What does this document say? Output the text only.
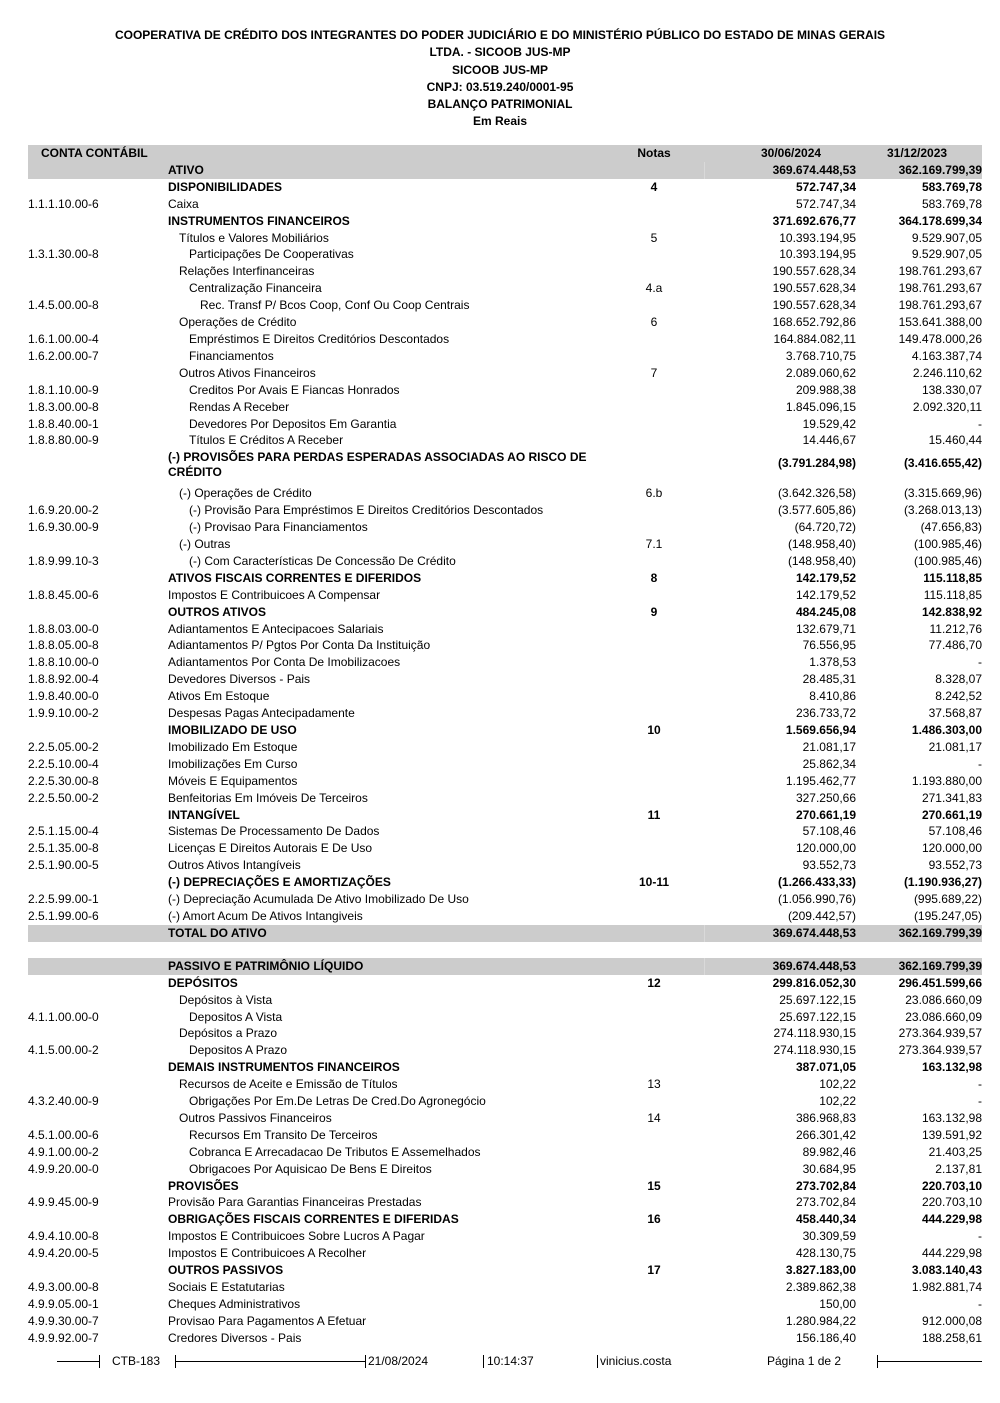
COOPERATIVA DE CRÉDITO DOS INTEGRANTES DO PODER JUDICIÁRIO E DO MINISTÉRIO PÚBLICO DO ESTADO DE MINAS GERAIS
LTDA. - SICOOB JUS-MP
SICOOB JUS-MP
CNPJ: 03.519.240/0001-95
BALANÇO PATRIMONIAL
Em Reais
CONTA CONTÁBIL		Notas	30/06/2024	31/12/2023
	ATIVO		369.674.448,53	362.169.799,39
	DISPONIBILIDADES	4	572.747,34	583.769,78
1.1.1.10.00-6	Caixa		572.747,34	583.769,78
	INSTRUMENTOS FINANCEIROS		371.692.676,77	364.178.699,34
	Títulos e Valores Mobiliários	5	10.393.194,95	9.529.907,05
1.3.1.30.00-8	Participações De Cooperativas		10.393.194,95	9.529.907,05
	Relações Interfinanceiras		190.557.628,34	198.761.293,67
	Centralização Financeira	4.a	190.557.628,34	198.761.293,67
1.4.5.00.00-8	Rec. Transf P/ Bcos Coop, Conf Ou Coop Centrais		190.557.628,34	198.761.293,67
	Operações de Crédito	6	168.652.792,86	153.641.388,00
1.6.1.00.00-4	Empréstimos E Direitos Creditórios Descontados		164.884.082,11	149.478.000,26
1.6.2.00.00-7	Financiamentos		3.768.710,75	4.163.387,74
	Outros Ativos Financeiros	7	2.089.060,62	2.246.110,62
1.8.1.10.00-9	Creditos Por Avais E Fiancas Honrados		209.988,38	138.330,07
1.8.3.00.00-8	Rendas A Receber		1.845.096,15	2.092.320,11
1.8.8.40.00-1	Devedores Por Depositos Em Garantia		19.529,42	-
1.8.8.80.00-9	Títulos E Créditos A Receber		14.446,67	15.460,44
	(-) PROVISÕES PARA PERDAS ESPERADAS ASSOCIADAS AO RISCO DE CRÉDITO		(3.791.284,98)	(3.416.655,42)
	(-) Operações de Crédito	6.b	(3.642.326,58)	(3.315.669,96)
1.6.9.20.00-2	(-) Provisão Para Empréstimos E Direitos Creditórios Descontados		(3.577.605,86)	(3.268.013,13)
1.6.9.30.00-9	(-) Provisao Para Financiamentos		(64.720,72)	(47.656,83)
	(-) Outras	7.1	(148.958,40)	(100.985,46)
1.8.9.99.10-3	(-) Com Características De Concessão De Crédito		(148.958,40)	(100.985,46)
	ATIVOS FISCAIS CORRENTES E DIFERIDOS	8	142.179,52	115.118,85
1.8.8.45.00-6	Impostos E Contribuicoes A Compensar		142.179,52	115.118,85
	OUTROS ATIVOS	9	484.245,08	142.838,92
1.8.8.03.00-0	Adiantamentos E Antecipacoes Salariais		132.679,71	11.212,76
1.8.8.05.00-8	Adiantamentos P/ Pgtos Por Conta Da Instituição		76.556,95	77.486,70
1.8.8.10.00-0	Adiantamentos Por Conta De Imobilizacoes		1.378,53	-
1.8.8.92.00-4	Devedores Diversos - Pais		28.485,31	8.328,07
1.9.8.40.00-0	Ativos Em Estoque		8.410,86	8.242,52
1.9.9.10.00-2	Despesas Pagas Antecipadamente		236.733,72	37.568,87
	IMOBILIZADO DE USO	10	1.569.656,94	1.486.303,00
2.2.5.05.00-2	Imobilizado Em Estoque		21.081,17	21.081,17
2.2.5.10.00-4	Imobilizações Em Curso		25.862,34	-
2.2.5.30.00-8	Móveis E Equipamentos		1.195.462,77	1.193.880,00
2.2.5.50.00-2	Benfeitorias Em Imóveis De Terceiros		327.250,66	271.341,83
	INTANGÍVEL	11	270.661,19	270.661,19
2.5.1.15.00-4	Sistemas De Processamento De Dados		57.108,46	57.108,46
2.5.1.35.00-8	Licenças E Direitos Autorais E De Uso		120.000,00	120.000,00
2.5.1.90.00-5	Outros Ativos Intangíveis		93.552,73	93.552,73
	(-) DEPRECIAÇÕES E AMORTIZAÇÕES	10-11	(1.266.433,33)	(1.190.936,27)
2.2.5.99.00-1	(-) Depreciação Acumulada De Ativo Imobilizado De Uso		(1.056.990,76)	(995.689,22)
2.5.1.99.00-6	(-) Amort Acum De Ativos Intangiveis		(209.442,57)	(195.247,05)
	TOTAL DO ATIVO		369.674.448,53	362.169.799,39

	PASSIVO E PATRIMÔNIO LÍQUIDO		369.674.448,53	362.169.799,39
	DEPÓSITOS	12	299.816.052,30	296.451.599,66
	Depósitos à Vista		25.697.122,15	23.086.660,09
4.1.1.00.00-0	Depositos A Vista		25.697.122,15	23.086.660,09
	Depósitos a Prazo		274.118.930,15	273.364.939,57
4.1.5.00.00-2	Depositos A Prazo		274.118.930,15	273.364.939,57
	DEMAIS INSTRUMENTOS FINANCEIROS		387.071,05	163.132,98
	Recursos de Aceite e Emissão de Títulos	13	102,22	-
4.3.2.40.00-9	Obrigações Por Em.De Letras De Cred.Do Agronegócio		102,22	-
	Outros Passivos Financeiros	14	386.968,83	163.132,98
4.5.1.00.00-6	Recursos Em Transito De Terceiros		266.301,42	139.591,92
4.9.1.00.00-2	Cobranca E Arrecadacao De Tributos E Assemelhados		89.982,46	21.403,25
4.9.9.20.00-0	Obrigacoes Por Aquisicao De Bens E Direitos		30.684,95	2.137,81
	PROVISÕES	15	273.702,84	220.703,10
4.9.9.45.00-9	Provisão Para Garantias Financeiras Prestadas		273.702,84	220.703,10
	OBRIGAÇÕES FISCAIS CORRENTES E DIFERIDAS	16	458.440,34	444.229,98
4.9.4.10.00-8	Impostos E Contribuicoes Sobre Lucros A Pagar		30.309,59	-
4.9.4.20.00-5	Impostos E Contribuicoes A Recolher		428.130,75	444.229,98
	OUTROS PASSIVOS	17	3.827.183,00	3.083.140,43
4.9.3.00.00-8	Sociais E Estatutarias		2.389.862,38	1.982.881,74
4.9.9.05.00-1	Cheques Administrativos		150,00	-
4.9.9.30.00-7	Provisao Para Pagamentos A Efetuar		1.280.984,22	912.000,08
4.9.9.92.00-7	Credores Diversos - Pais		156.186,40	188.258,61
CTB-183	21/08/2024	10:14:37	vinicius.costa	Página 1 de 2
